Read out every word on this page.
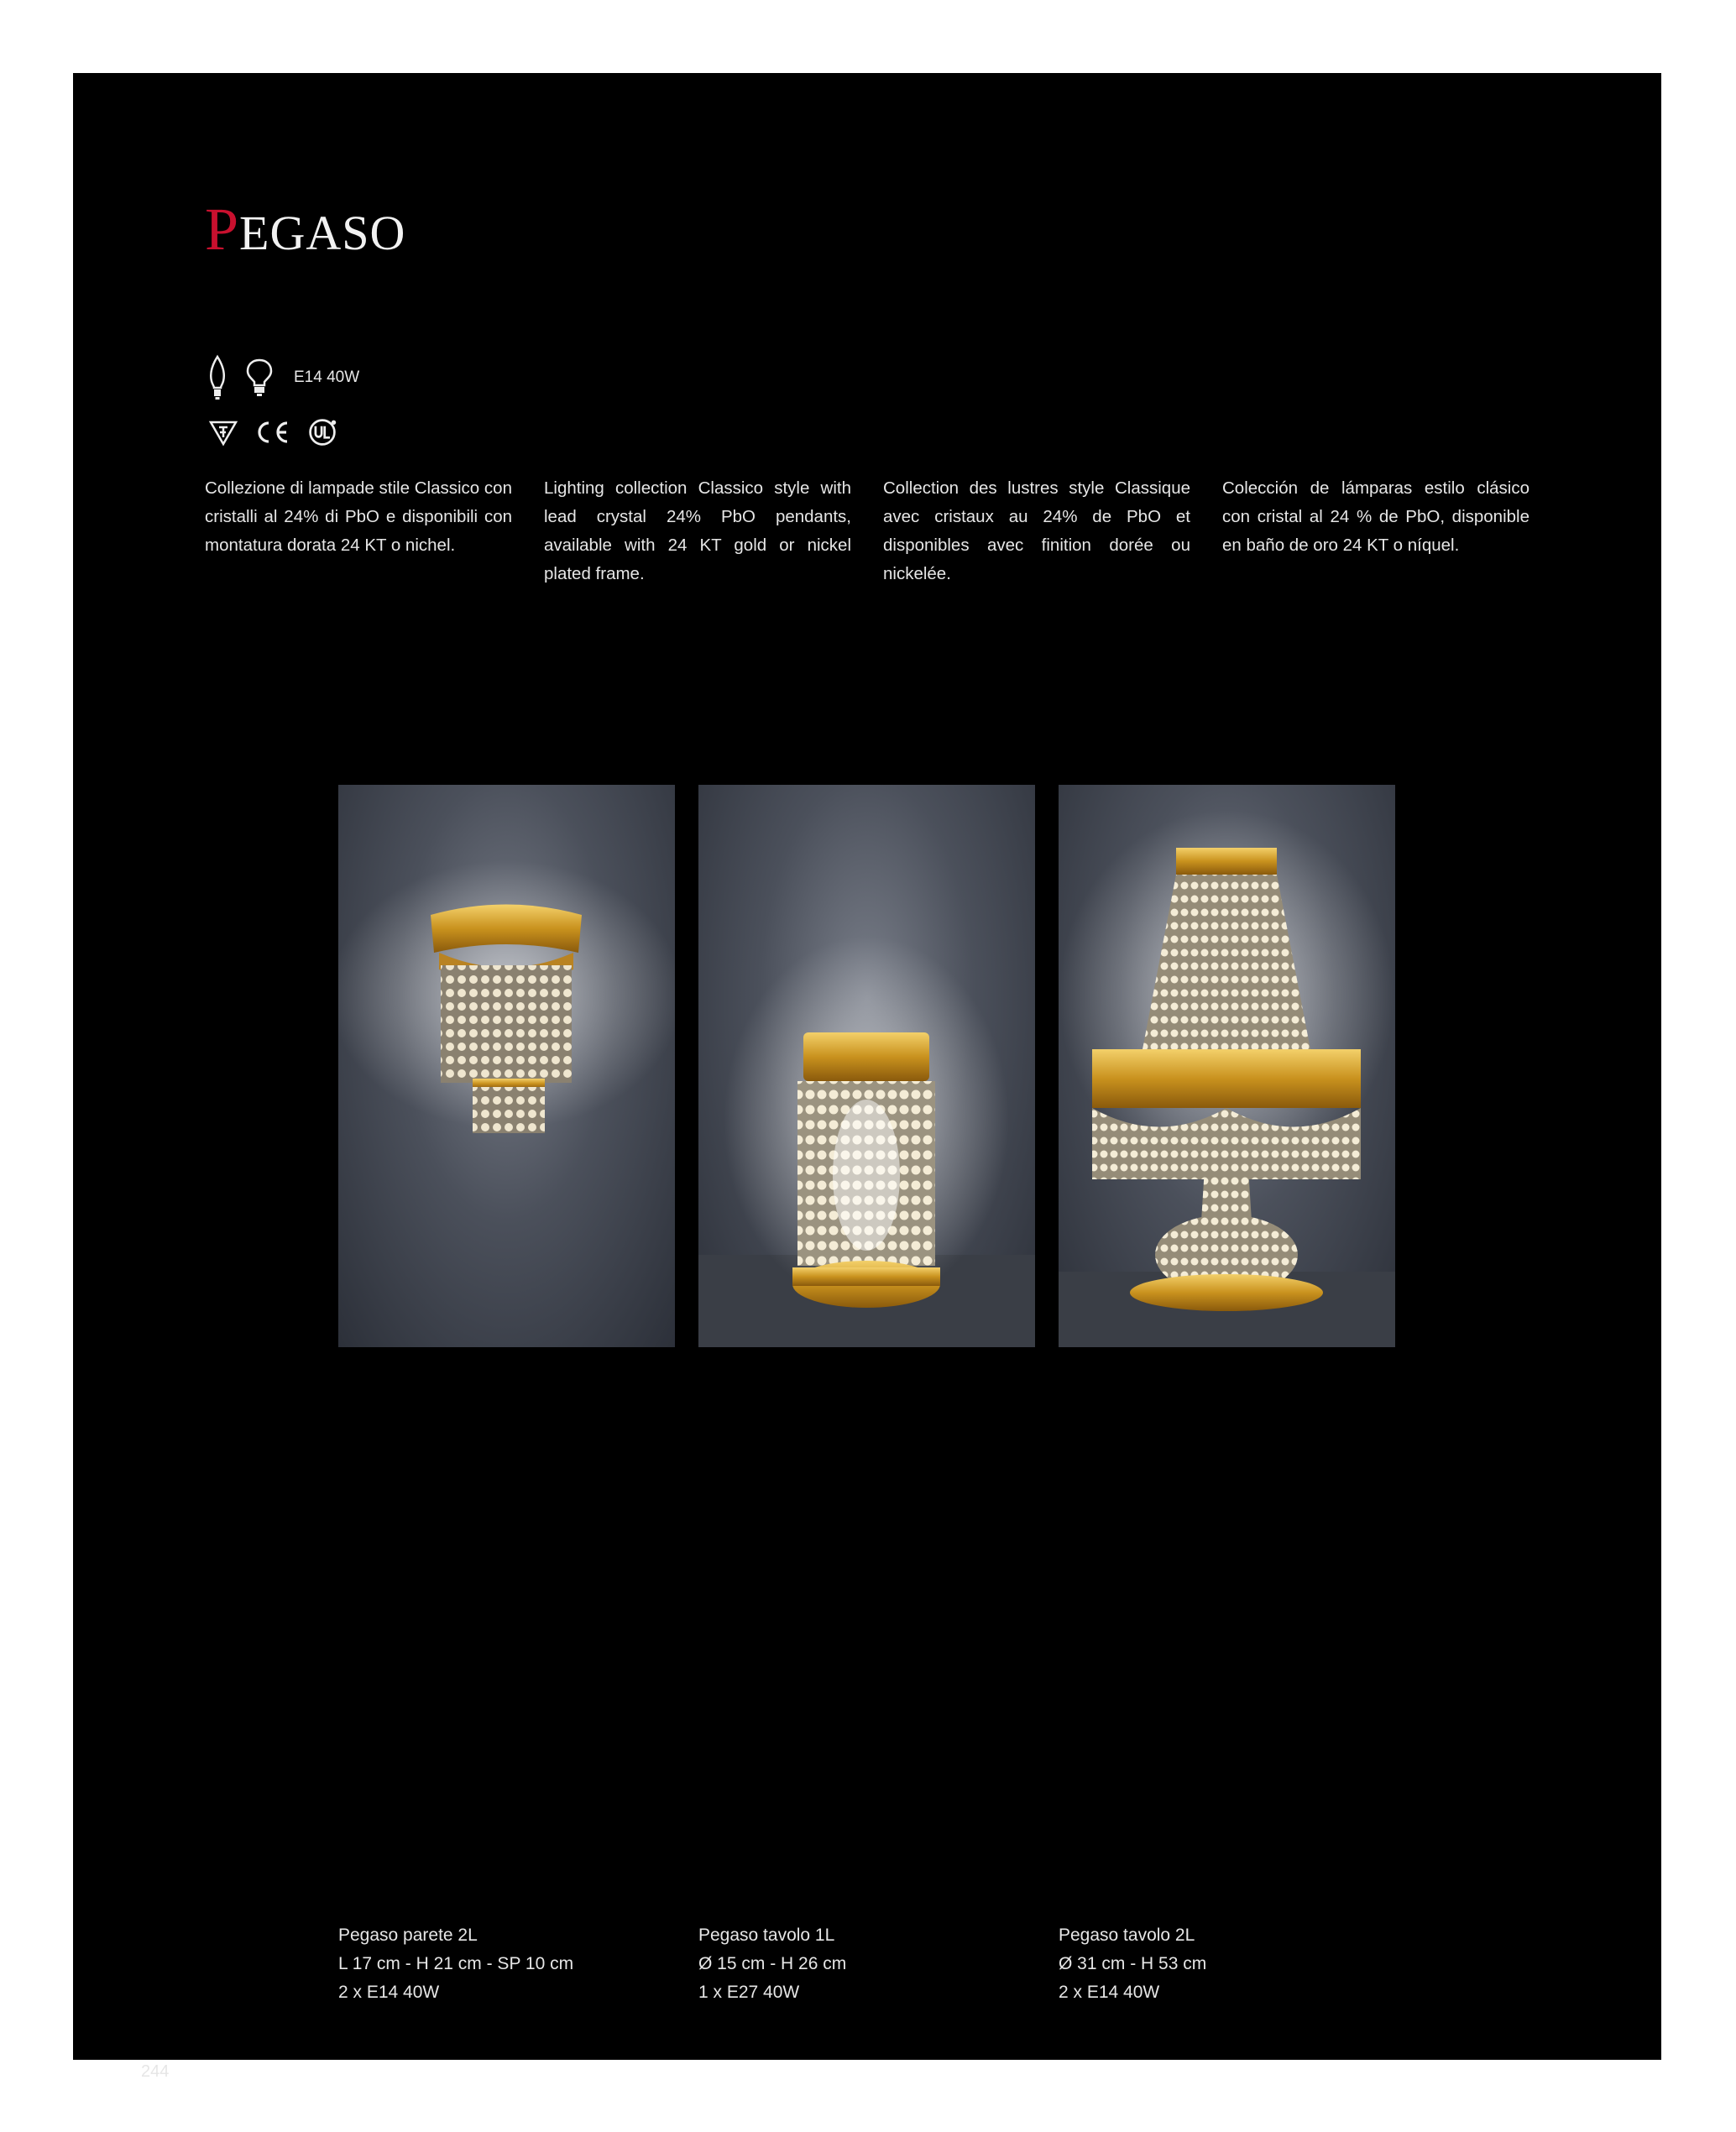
PEGASO
E14 40W

Collezione di lampade stile Classico con cristalli al 24% di PbO e disponibili con montatura dorata 24 KT o nichel.

Lighting collection Classico style with lead crystal 24% PbO pendants, available with 24 KT gold or nickel plated frame.

Collection des lustres style Classique avec cristaux au 24% de PbO et disponibles avec finition dorée ou nickelée.

Colección de lámparas estilo clásico con cristal al 24 % de PbO, disponible en baño de oro 24 KT o níquel.

Pegaso parete 2L
L 17 cm - H 21 cm - SP 10 cm
2 x E14 40W
Pegaso tavolo 1L
Ø 15 cm - H 26 cm
1 x E27 40W
Pegaso tavolo 2L
Ø 31 cm - H 53 cm
2 x E14 40W
244
